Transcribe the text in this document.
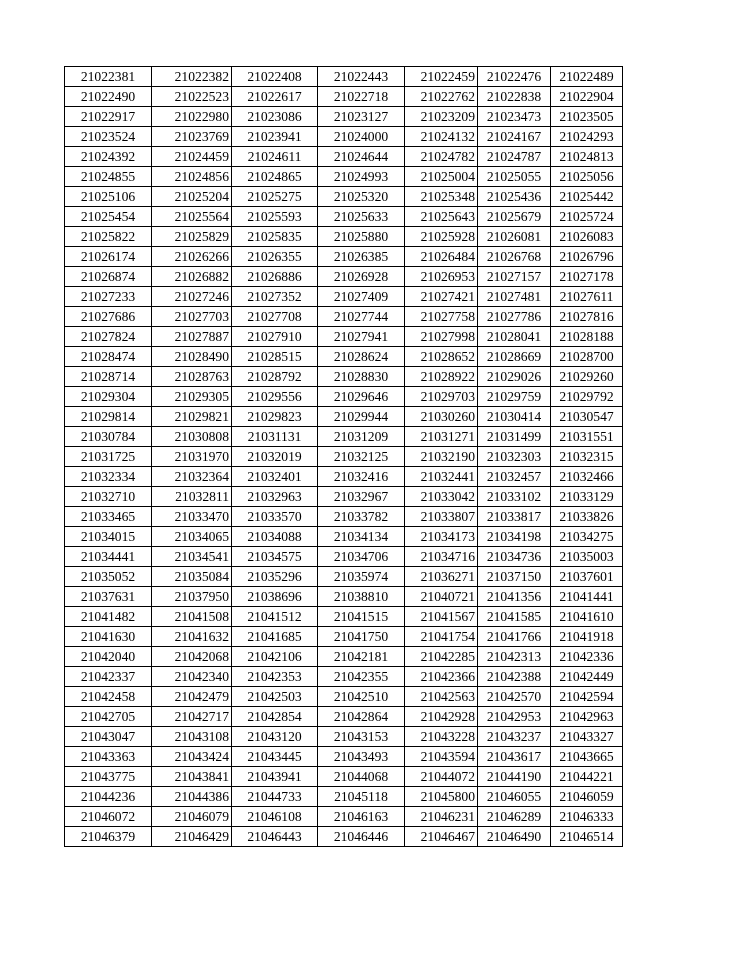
21022381	21022382	21022408	21022443	21022459	21022476	21022489
21022490	21022523	21022617	21022718	21022762	21022838	21022904
21022917	21022980	21023086	21023127	21023209	21023473	21023505
21023524	21023769	21023941	21024000	21024132	21024167	21024293
21024392	21024459	21024611	21024644	21024782	21024787	21024813
21024855	21024856	21024865	21024993	21025004	21025055	21025056
21025106	21025204	21025275	21025320	21025348	21025436	21025442
21025454	21025564	21025593	21025633	21025643	21025679	21025724
21025822	21025829	21025835	21025880	21025928	21026081	21026083
21026174	21026266	21026355	21026385	21026484	21026768	21026796
21026874	21026882	21026886	21026928	21026953	21027157	21027178
21027233	21027246	21027352	21027409	21027421	21027481	21027611
21027686	21027703	21027708	21027744	21027758	21027786	21027816
21027824	21027887	21027910	21027941	21027998	21028041	21028188
21028474	21028490	21028515	21028624	21028652	21028669	21028700
21028714	21028763	21028792	21028830	21028922	21029026	21029260
21029304	21029305	21029556	21029646	21029703	21029759	21029792
21029814	21029821	21029823	21029944	21030260	21030414	21030547
21030784	21030808	21031131	21031209	21031271	21031499	21031551
21031725	21031970	21032019	21032125	21032190	21032303	21032315
21032334	21032364	21032401	21032416	21032441	21032457	21032466
21032710	21032811	21032963	21032967	21033042	21033102	21033129
21033465	21033470	21033570	21033782	21033807	21033817	21033826
21034015	21034065	21034088	21034134	21034173	21034198	21034275
21034441	21034541	21034575	21034706	21034716	21034736	21035003
21035052	21035084	21035296	21035974	21036271	21037150	21037601
21037631	21037950	21038696	21038810	21040721	21041356	21041441
21041482	21041508	21041512	21041515	21041567	21041585	21041610
21041630	21041632	21041685	21041750	21041754	21041766	21041918
21042040	21042068	21042106	21042181	21042285	21042313	21042336
21042337	21042340	21042353	21042355	21042366	21042388	21042449
21042458	21042479	21042503	21042510	21042563	21042570	21042594
21042705	21042717	21042854	21042864	21042928	21042953	21042963
21043047	21043108	21043120	21043153	21043228	21043237	21043327
21043363	21043424	21043445	21043493	21043594	21043617	21043665
21043775	21043841	21043941	21044068	21044072	21044190	21044221
21044236	21044386	21044733	21045118	21045800	21046055	21046059
21046072	21046079	21046108	21046163	21046231	21046289	21046333
21046379	21046429	21046443	21046446	21046467	21046490	21046514
